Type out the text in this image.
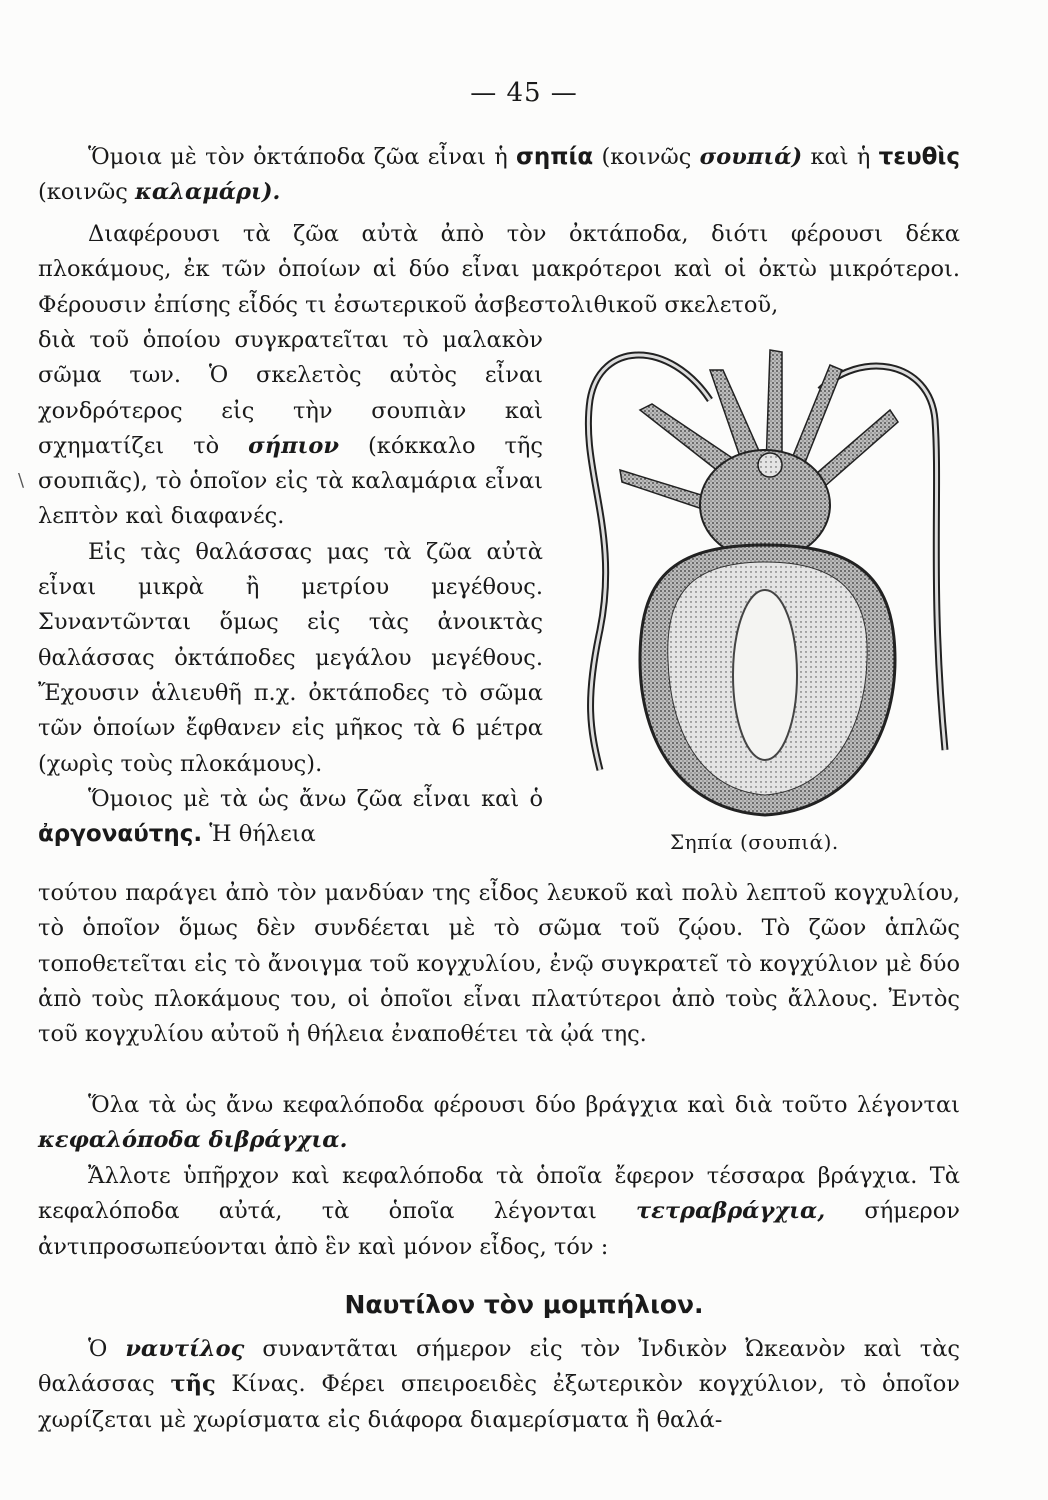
— 45 —

Ὅμοια μὲ τὸν ὀκτάποδα ζῶα εἶναι ἡ σηπία (κοινῶς σουπιά) καὶ ἡ τευθὶς (κοινῶς καλαμάρι).

Διαφέρουσι τὰ ζῶα αὐτὰ ἀπὸ τὸν ὀκτάποδα, διότι φέρουσι δέκα πλοκάμους, ἐκ τῶν ὁποίων αἱ δύο εἶναι μακρότεροι καὶ οἱ ὀκτὼ μικρότεροι. Φέρουσιν ἐπίσης εἶδός τι ἐσωτερικοῦ ἀσβεστολιθικοῦ σκελετοῦ,

διὰ τοῦ ὁποίου συγκρατεῖται τὸ μαλακὸν σῶμα των. Ὁ σκελετὸς αὐτὸς εἶναι χονδρότερος εἰς τὴν σουπιὰν καὶ σχηματίζει τὸ σήπιον (κόκκαλο τῆς σουπιᾶς), τὸ ὁποῖον εἰς τὰ καλαμάρια εἶναι λεπτὸν καὶ διαφανές.

Εἰς τὰς θαλάσσας μας τὰ ζῶα αὐτὰ εἶναι μικρὰ ἢ μετρίου μεγέθους. Συναντῶνται ὅμως εἰς τὰς ἀνοικτὰς θαλάσσας ὀκτάποδες μεγάλου μεγέθους. Ἔχουσιν ἁλιευθῆ π.χ. ὀκτάποδες τὸ σῶμα τῶν ὁποίων ἔφθανεν εἰς μῆκος τὰ 6 μέτρα (χωρὶς τοὺς πλοκάμους).

Ὅμοιος μὲ τὰ ὡς ἄνω ζῶα εἶναι καὶ ὁ ἀργοναύτης. Ἡ θήλεια

\
Σηπία (σουπιά).

τούτου παράγει ἀπὸ τὸν μανδύαν της εἶδος λευκοῦ καὶ πολὺ λεπτοῦ κογχυλίου, τὸ ὁποῖον ὅμως δὲν συνδέεται μὲ τὸ σῶμα τοῦ ζῴου. Τὸ ζῶον ἁπλῶς τοποθετεῖται εἰς τὸ ἄνοιγμα τοῦ κογχυλίου, ἐνῷ συγκρατεῖ τὸ κογχύλιον μὲ δύο ἀπὸ τοὺς πλοκάμους του, οἱ ὁποῖοι εἶναι πλατύτεροι ἀπὸ τοὺς ἄλλους. Ἐντὸς τοῦ κογχυλίου αὐτοῦ ἡ θήλεια ἐναποθέτει τὰ ᾠά της.

Ὅλα τὰ ὡς ἄνω κεφαλόποδα φέρουσι δύο βράγχια καὶ διὰ τοῦτο λέγονται κεφαλόποδα διβράγχια.

Ἄλλοτε ὑπῆρχον καὶ κεφαλόποδα τὰ ὁποῖα ἔφερον τέσσαρα βράγχια. Τὰ κεφαλόποδα αὐτά, τὰ ὁποῖα λέγονται τετραβράγχια, σήμερον ἀντιπροσωπεύονται ἀπὸ ἓν καὶ μόνον εἶδος, τόν :

Ναυτίλον τὸν μομπήλιον.

Ὁ ναυτίλος συναντᾶται σήμερον εἰς τὸν Ἰνδικὸν Ὠκεανὸν καὶ τὰς θαλάσσας τῆς Κίνας. Φέρει σπειροειδὲς ἐξωτερικὸν κογχύλιον, τὸ ὁποῖον χωρίζεται μὲ χωρίσματα εἰς διάφορα διαμερίσματα ἢ θαλά-
